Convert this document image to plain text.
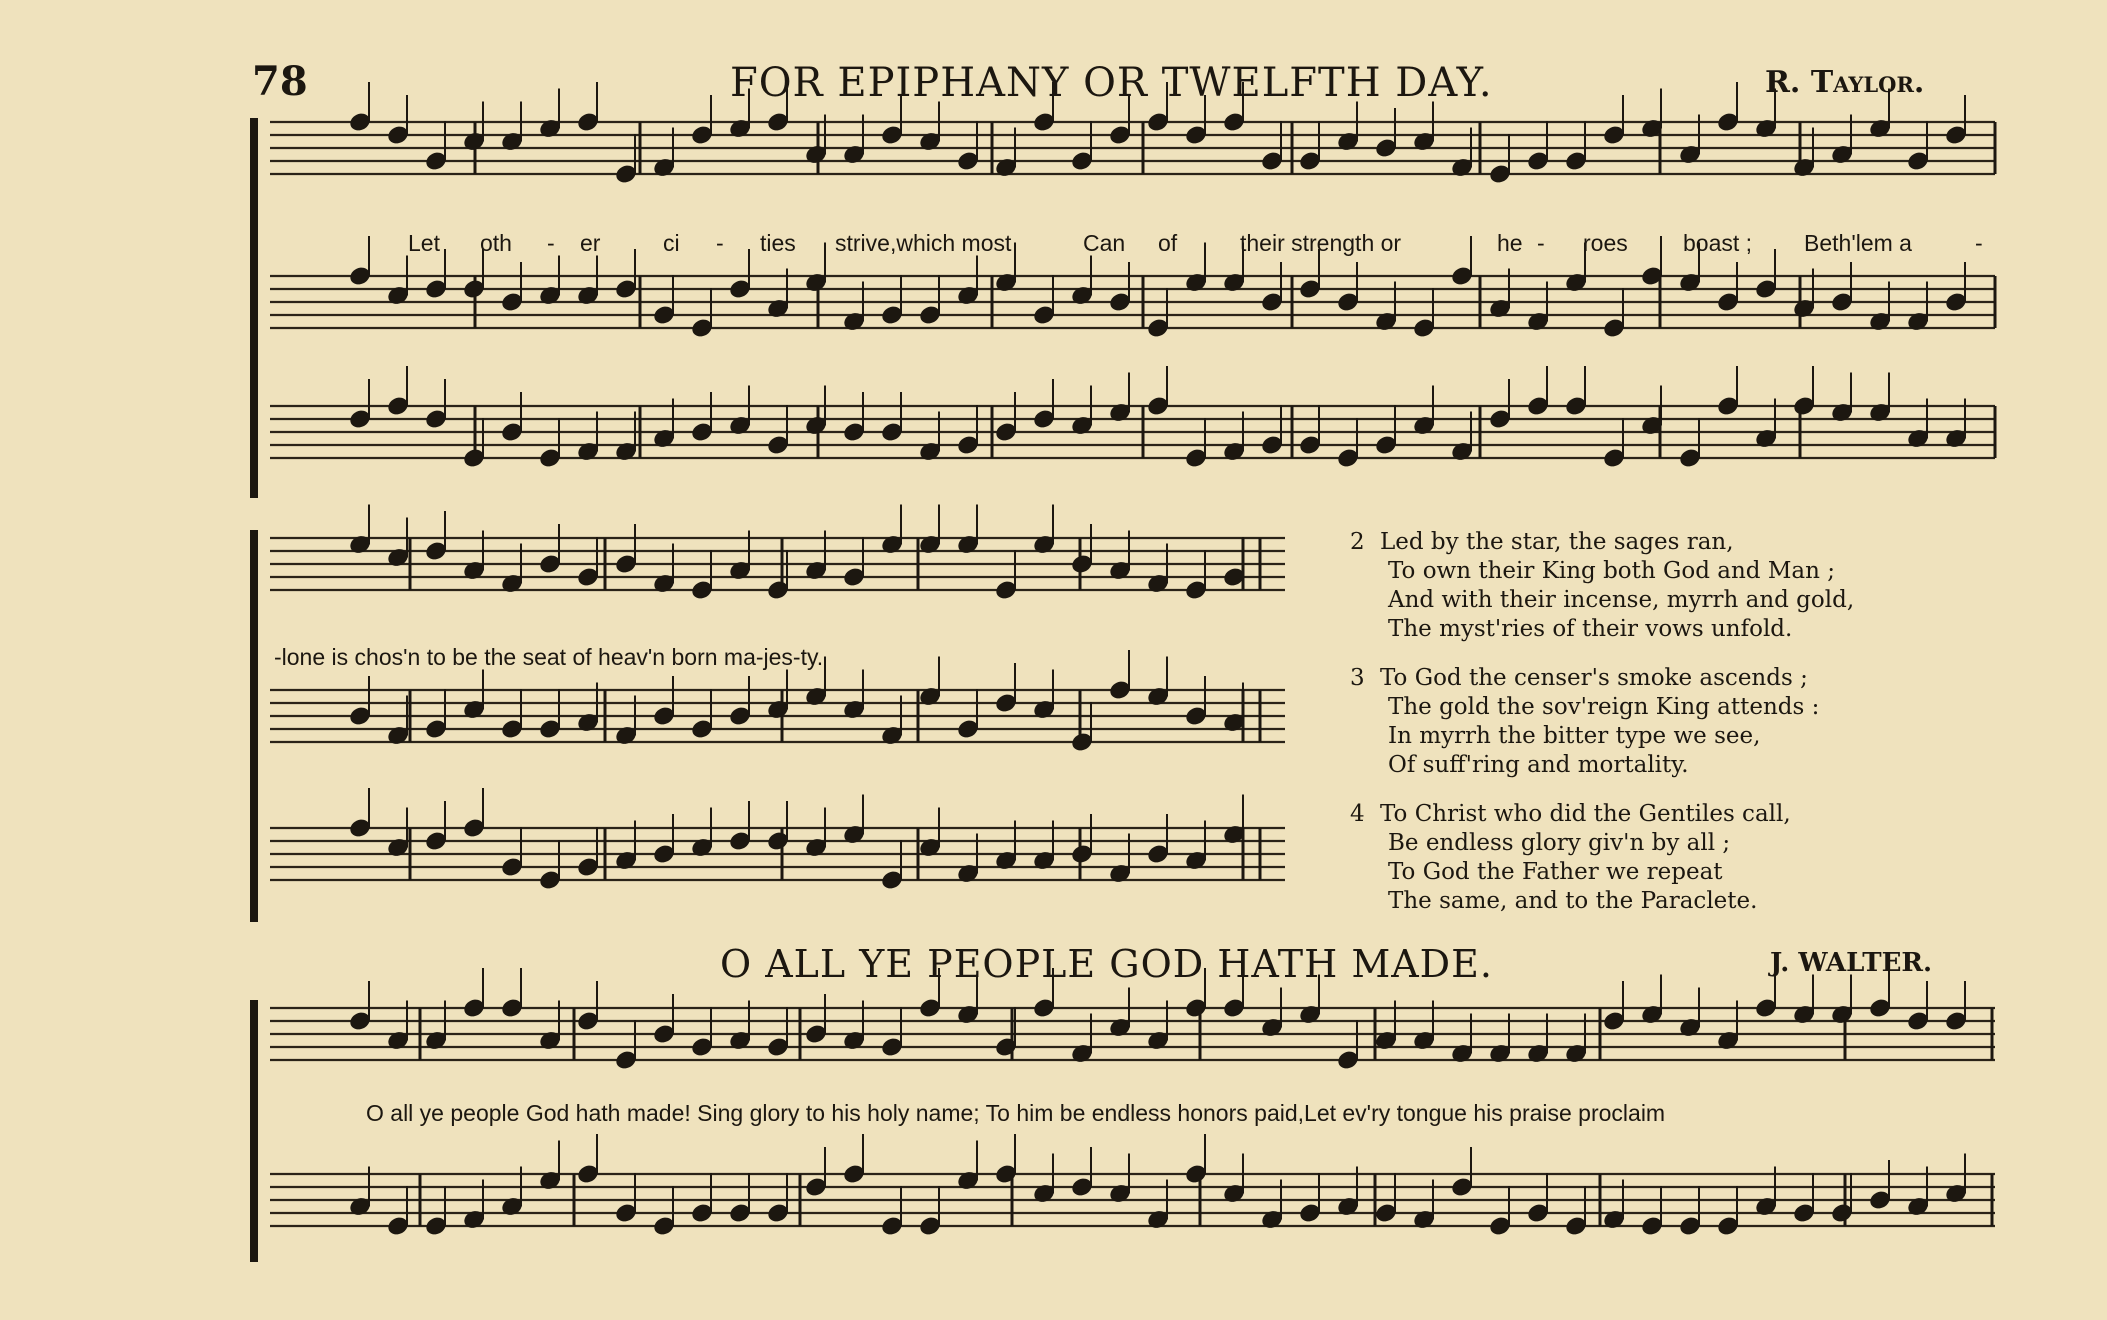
78	FOR EPIPHANY OR TWELFTH DAY.	R. Taylor.
Let oth - er	ci - ties strive,which most	Can of	their strength or	he - roes boast ; Beth'lem a	-
-lone is chos'n to be the seat of heav'n born ma-jes-ty.
2 Led by the star, the sages ran,
To own their King both God and Man ;
And with their incense, myrrh and gold,
The myst'ries of their vows unfold.
3 To God the censer's smoke ascends ;
The gold the sov'reign King attends :
In myrrh the bitter type we see,
Of suff'ring and mortality.
4 To Christ who did the Gentiles call,
Be endless glory giv'n by all ;
To God the Father we repeat
The same, and to the Paraclete.
O ALL YE PEOPLE GOD HATH MADE.	J. WALTER.
O all ye people God hath made! Sing glory to his holy name; To him be endless honors paid,Let ev'ry tongue his praise proclaim
